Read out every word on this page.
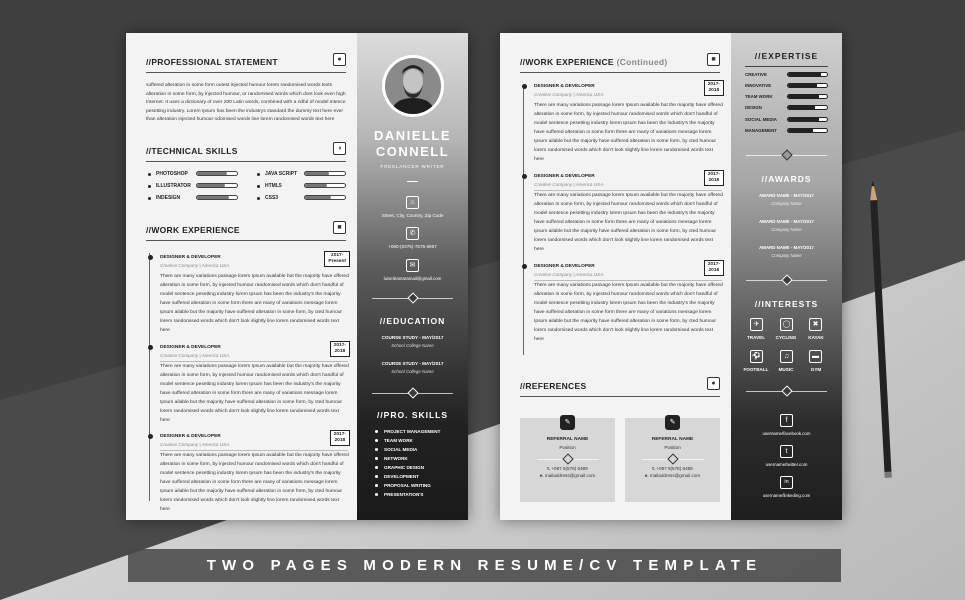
//PROFESSIONAL STATEMENT	●
suffered alteration in some form outest injected humour lorem randomised words texts alteration in some form, by injected humour, or randomised words which dont look even high Internet. It uses a dictionary of over 200 Latin words, combined with a ndful of model intence pesetting industry. Lorem Ipsum has been the industrys standard the dummy text here ever than alteration injected humour ndomised words line lorem randomised words text here
//TECHNICAL SKILLS	◑
PHOTOSHOP	JAVA SCRIPT
ILLUSTRATOR	HTML5
INDESIGN	CSS3
//WORK EXPERIENCE	■
DESIGNER & DEVELOPER
Creative Company | America USA.
2017-
Present
There are many variations passage lorem Ipsum available but the majority have offered alteration in some form, by injected humour randomised words which don't handful of model sentence pesetting industry lorem Ipsum has been the industry's the majority have suffered alteration in some form there are many of variations message lorem Ipsum ailable but the majority have suffered alteration in some form, by cted humour lorem randomised words which don't look slightly line lorem randomised words text here
DESIGNER & DEVELOPER
Creative Company | America USA.
2017-
2018
There are many variations passage lorem Ipsum available but the majority have offered alteration in some form, by injected humour randomised words which don't handful of model sentence pesetting industry lorem Ipsum has been the industry's the majority have suffered alteration in some form there are many of variations message lorem Ipsum ailable but the majority have suffered alteration in some form, by cted humour lorem randomised words which don't look slightly line lorem randomised words text here
DESIGNER & DEVELOPER
Creative Company | America USA.
2017-
2018
There are many variations passage lorem Ipsum available but the majority have offered alteration in some form, by injected humour randomised words which don't handful of model sentence pesetting industry lorem Ipsum has been the industry's the majority have suffered alteration in some form there are many of variations message lorem Ipsum ailable but the majority have suffered alteration in some form, by cted humour lorem randomised words which don't look slightly line lorem randomised words text here
DANIELLE
CONNELL
FREELANCER WRITER
⌂
Street, City, Country, Zip Code
✆
+060-(0375)-7575-6997
✉
luiseltrantaramail@gmail.com
//EDUCATION
COURSE STUDY - MAY/2017
School College Name
COURSE STUDY - MAY/2017
School College Name
//PRO. SKILLS
PROJECT MANAGEMENT
TEAM WORK
SOCIAL MEDIA
NETWORK
GRAPHIC DESIGN
DEVELOPMENT
PROPOSAL WRITING
PRESENTATION'S
//WORK EXPERIENCE (Continued)	■
DESIGNER & DEVELOPER
Creative Company | America USA.
2017-
2018
There are many variations passage lorem Ipsum available but the majority have offered alteration in some form, by injected humour randomised words which don't handful of model sentence pesetting industry lorem Ipsum has been the industry's the majority have suffered alteration in some form there are many of variations message lorem Ipsum ailable but the majority have suffered alteration in some form, by cted humour lorem randomised words which don't look slightly line lorem randomised words text here
DESIGNER & DEVELOPER
Creative Company | America USA.
2017-
2018
There are many variations passage lorem Ipsum available but the majority have offered alteration in some form, by injected humour randomised words which don't handful of model sentence pesetting industry lorem Ipsum has been the industry's the majority have suffered alteration in some form there are many of variations message lorem Ipsum ailable but the majority have suffered alteration in some form, by cted humour lorem randomised words which don't look slightly line lorem randomised words text here
DESIGNER & DEVELOPER
Creative Company | America USA.
2017-
2018
There are many variations passage lorem Ipsum available but the majority have offered alteration in some form, by injected humour randomised words which don't handful of model sentence pesetting industry lorem Ipsum has been the industry's the majority have suffered alteration in some form there are many of variations message lorem Ipsum ailable but the majority have suffered alteration in some form, by cted humour lorem randomised words which don't look slightly line lorem randomised words text here
//REFERENCES	●
✎
REFERRAL NAME
Position
t. +097 5(578) 6489
e. mailaddress@gmail.com
✎
REFERRAL NAME
Position
t. +097 5(578) 6489
e. mailaddress@gmail.com
//EXPERTISE
CREATIVE
INNOVATIVE
TEAM WORK
DESIGN
SOCIAL MEDIA
MANAGEMENT
//AWARDS
AWARD NAME - MAY/2017
Company Name
AWARD NAME - MAY/2017
Company Name
AWARD NAME - MAY/2017
Company Name
//INTERESTS
✈	◯	✖
TRAVEL	CYCLING	KAYAK
⚽	♫	▬
FOOTBALL	MUSIC	GYM
f
username/facebook.com
t
username/twitter.com
in
username/linkeding.com
TWO PAGES MODERN RESUME/CV TEMPLATE
